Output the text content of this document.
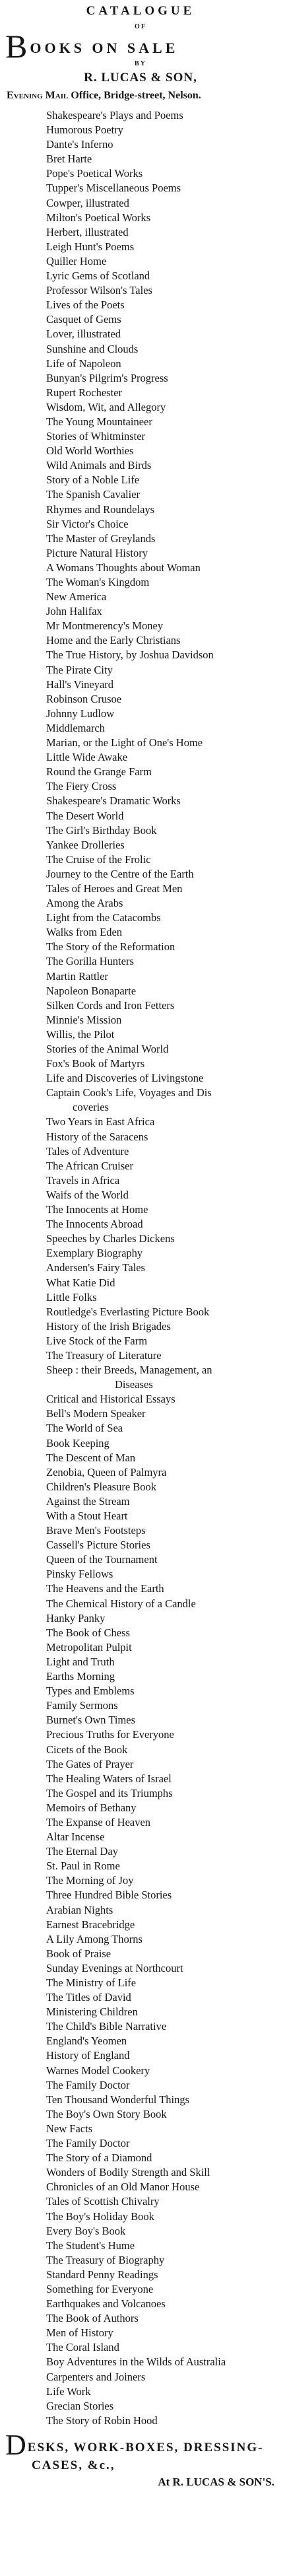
CATALOGUE

OF

B OOKS ON SALE

BY

R. LUCAS & SON,

Evening Mail Office, Bridge-street, Nelson.

Shakespeare's Plays and Poems
Humorous Poetry
Dante's Inferno
Bret Harte
Pope's Poetical Works
Tupper's Miscellaneous Poems
Cowper, illustrated
Milton's Poetical Works
Herbert, illustrated
Leigh Hunt's Poems
Quiller Home
Lyric Gems of Scotland
Professor Wilson's Tales
Lives of the Poets
Casquet of Gems
Lover, illustrated
Sunshine and Clouds
Life of Napoleon
Bunyan's Pilgrim's Progress
Rupert Rochester
Wisdom, Wit, and Allegory
The Young Mountaineer
Stories of Whitminster
Old World Worthies
Wild Animals and Birds
Story of a Noble Life
The Spanish Cavalier
Rhymes and Roundelays
Sir Victor's Choice
The Master of Greylands
Picture Natural History
A Womans Thoughts about Woman
The Woman's Kingdom
New America
John Halifax
Mr Montmerency's Money
Home and the Early Christians
The True History, by Joshua Davidson
The Pirate City
Hall's Vineyard
Robinson Crusoe
Johnny Ludlow
Middlemarch
Marian, or the Light of One's Home
Little Wide Awake
Round the Grange Farm
The Fiery Cross
Shakespeare's Dramatic Works
The Desert World
The Girl's Birthday Book
Yankee Drolleries
The Cruise of the Frolic
Journey to the Centre of the Earth
Tales of Heroes and Great Men
Among the Arabs
Light from the Catacombs
Walks from Eden
The Story of the Reformation
The Gorilla Hunters
Martin Rattler
Napoleon Bonaparte
Silken Cords and Iron Fetters
Minnie's Mission
Willis, the Pilot
Stories of the Animal World
Fox's Book of Martyrs
Life and Discoveries of Livingstone
Captain Cook's Life, Voyages and Dis
coveries
Two Years in East Africa
History of the Saracens
Tales of Adventure
The African Cruiser
Travels in Africa
Waifs of the World
The Innocents at Home
The Innocents Abroad
Speeches by Charles Dickens
Exemplary Biography
Andersen's Fairy Tales
What Katie Did
Little Folks
Routledge's Everlasting Picture Book
History of the Irish Brigades
Live Stock of the Farm
The Treasury of Literature
Sheep : their Breeds, Management, an
Diseases
Critical and Historical Essays
Bell's Modern Speaker
The World of Sea
Book Keeping
The Descent of Man
Zenobia, Queen of Palmyra
Children's Pleasure Book
Against the Stream
With a Stout Heart
Brave Men's Footsteps
Cassell's Picture Stories
Queen of the Tournament
Pinsky Fellows
The Heavens and the Earth
The Chemical History of a Candle
Hanky Panky
The Book of Chess
Metropolitan Pulpit
Light and Truth
Earths Morning
Types and Emblems
Family Sermons
Burnet's Own Times
Precious Truths for Everyone
Cicets of the Book
The Gates of Prayer
The Healing Waters of Israel
The Gospel and its Triumphs
Memoirs of Bethany
The Expanse of Heaven
Altar Incense
The Eternal Day
St. Paul in Rome
The Morning of Joy
Three Hundred Bible Stories
Arabian Nights
Earnest Bracebridge
A Lily Among Thorns
Book of Praise
Sunday Evenings at Northcourt
The Ministry of Life
The Titles of David
Ministering Children
The Child's Bible Narrative
England's Yeomen
History of England
Warnes Model Cookery
The Family Doctor
Ten Thousand Wonderful Things
The Boy's Own Story Book
New Facts
The Family Doctor
The Story of a Diamond
Wonders of Bodily Strength and Skill
Chronicles of an Old Manor House
Tales of Scottish Chivalry
The Boy's Holiday Book
Every Boy's Book
The Student's Hume
The Treasury of Biography
Standard Penny Readings
Something for Everyone
Earthquakes and Volcanoes
The Book of Authors
Men of History
The Coral Island
Boy Adventures in the Wilds of Australia
Carpenters and Joiners
Life Work
Grecian Stories
The Story of Robin Hood
D ESKS, WORK-BOXES, DRESSING-

CASES, &c.,

At R. LUCAS & SON'S.
